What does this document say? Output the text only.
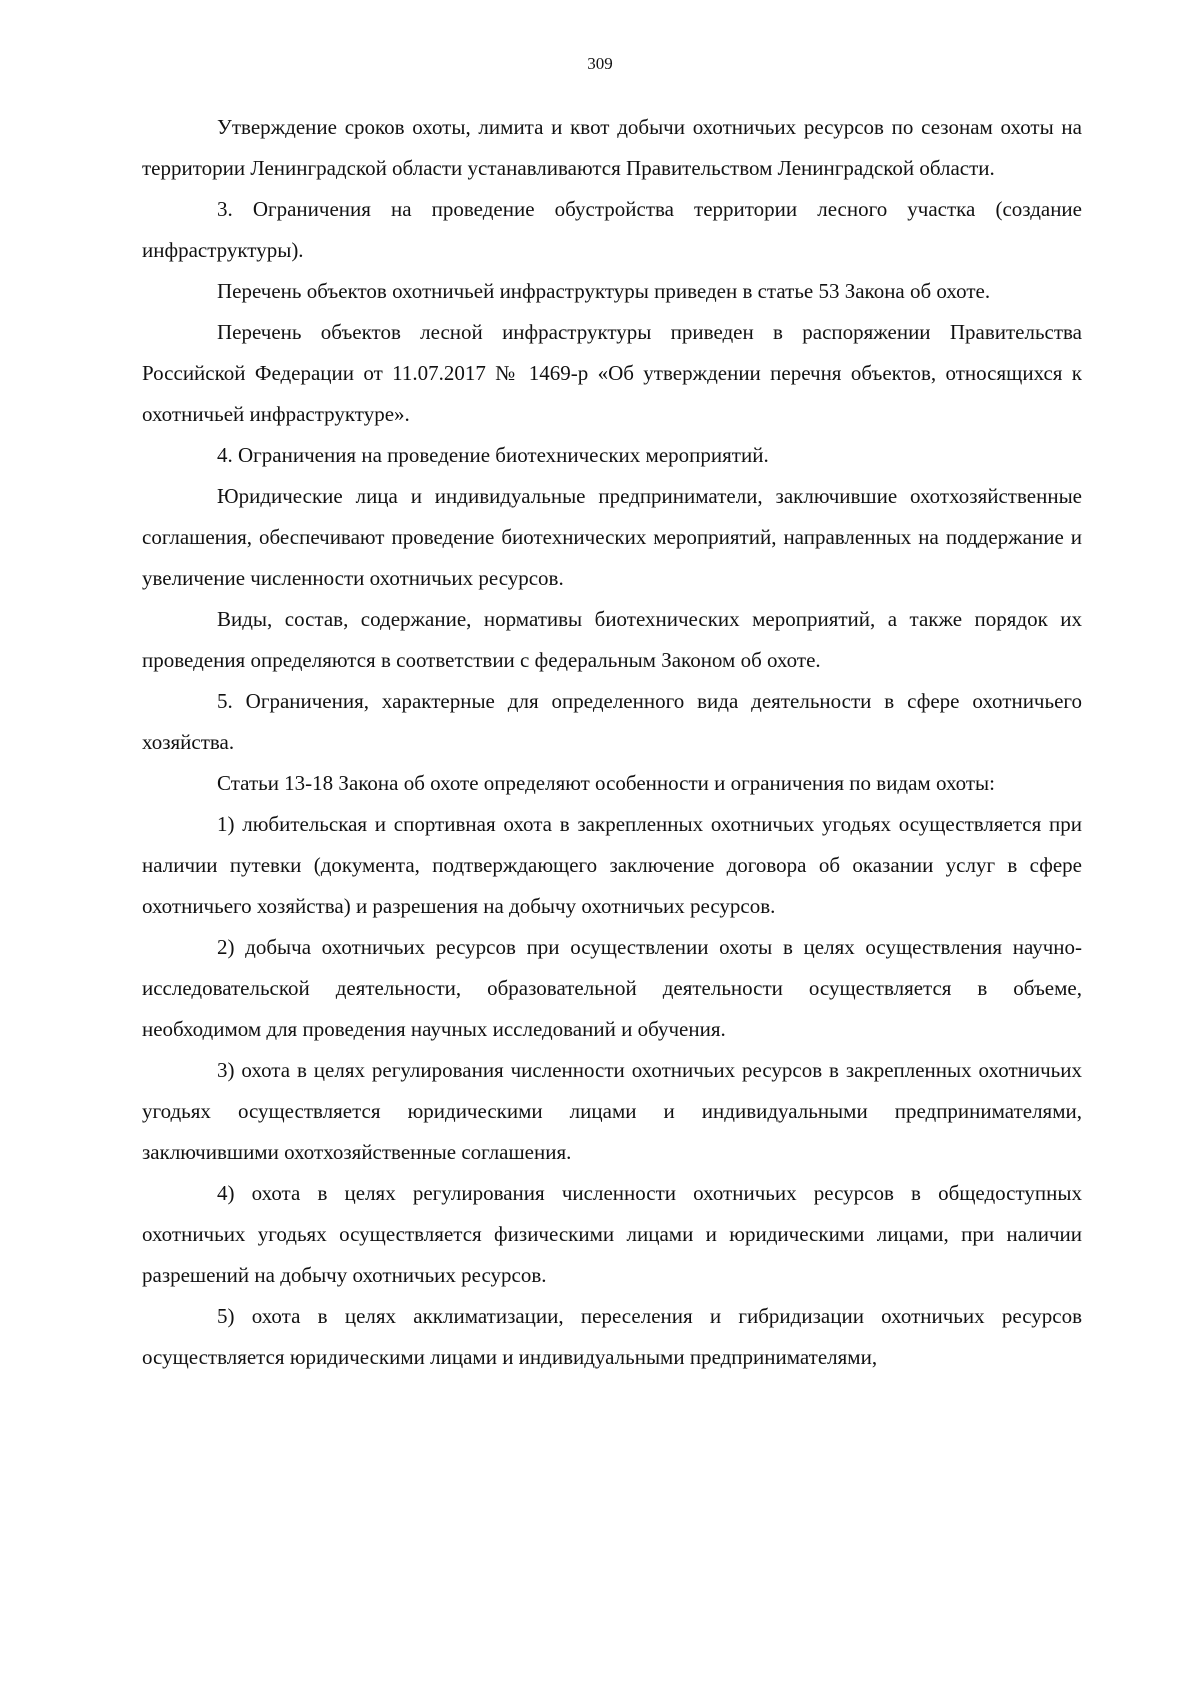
309

Утверждение сроков охоты, лимита и квот добычи охотничьих ресурсов по сезонам охоты на территории Ленинградской области устанавливаются Правительством Ленинградской области.

3. Ограничения на проведение обустройства территории лесного участка (создание инфраструктуры).

Перечень объектов охотничьей инфраструктуры приведен в статье 53 Закона об охоте.

Перечень объектов лесной инфраструктуры приведен в распоряжении Правительства Российской Федерации от 11.07.2017 № 1469-р «Об утверждении перечня объектов, относящихся к охотничьей инфраструктуре».

4. Ограничения на проведение биотехнических мероприятий.

Юридические лица и индивидуальные предприниматели, заключившие охотхозяйственные соглашения, обеспечивают проведение биотехнических мероприятий, направленных на поддержание и увеличение численности охотничьих ресурсов.

Виды, состав, содержание, нормативы биотехнических мероприятий, а также порядок их проведения определяются в соответствии с федеральным Законом об охоте.

5. Ограничения, характерные для определенного вида деятельности в сфере охотничьего хозяйства.

Статьи 13-18 Закона об охоте определяют особенности и ограничения по видам охоты:

1) любительская и спортивная охота в закрепленных охотничьих угодьях осуществляется при наличии путевки (документа, подтверждающего заключение договора об оказании услуг в сфере охотничьего хозяйства) и разрешения на добычу охотничьих ресурсов.

2) добыча охотничьих ресурсов при осуществлении охоты в целях осуществления научно-исследовательской деятельности, образовательной деятельности осуществляется в объеме, необходимом для проведения научных исследований и обучения.

3) охота в целях регулирования численности охотничьих ресурсов в закрепленных охотничьих угодьях осуществляется юридическими лицами и индивидуальными предпринимателями, заключившими охотхозяйственные соглашения.

4) охота в целях регулирования численности охотничьих ресурсов в общедоступных охотничьих угодьях осуществляется физическими лицами и юридическими лицами, при наличии разрешений на добычу охотничьих ресурсов.

5) охота в целях акклиматизации, переселения и гибридизации охотничьих ресурсов осуществляется юридическими лицами и индивидуальными предпринимателями,
